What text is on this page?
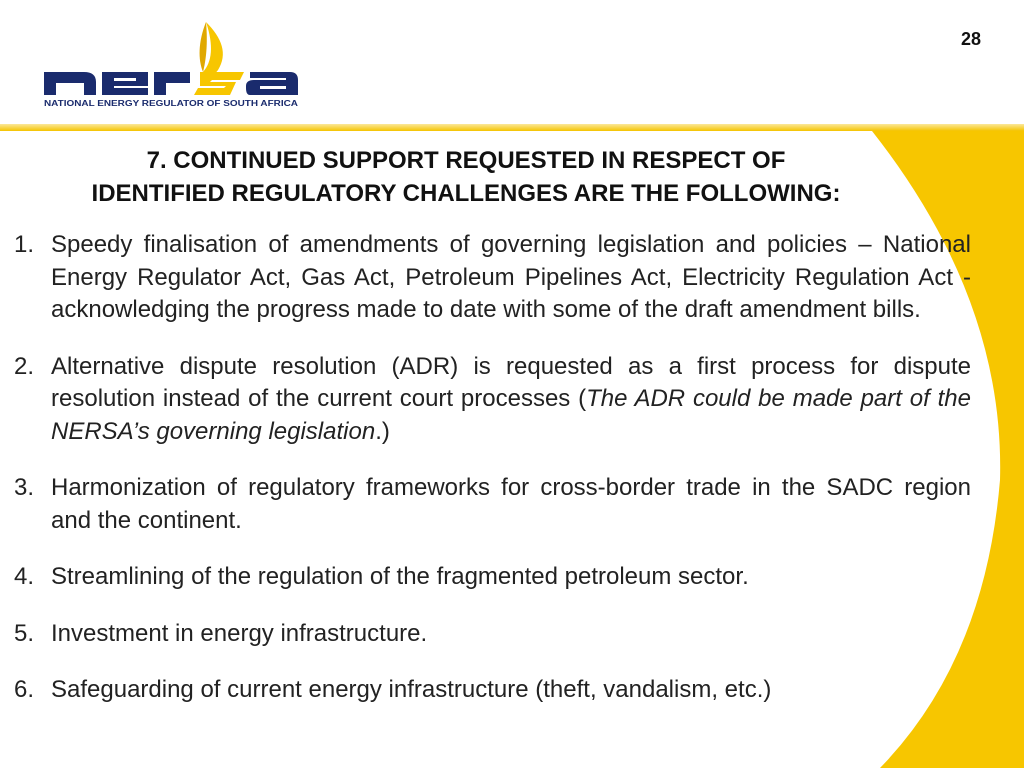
NATIONAL ENERGY REGULATOR OF SOUTH AFRICA
28
7. CONTINUED SUPPORT REQUESTED IN RESPECT OF
IDENTIFIED REGULATORY CHALLENGES ARE THE FOLLOWING:
1. Speedy finalisation of amendments of governing legislation and policies – National Energy Regulator Act, Gas Act, Petroleum Pipelines Act, Electricity Regulation Act - acknowledging the progress made to date with some of the draft amendment bills.
2. Alternative dispute resolution (ADR) is requested as a first process for dispute resolution instead of the current court processes (The ADR could be made part of the NERSA’s governing legislation.)
3. Harmonization of regulatory frameworks for cross-border trade in the SADC region and the continent.
4. Streamlining of the regulation of the fragmented petroleum sector.
5. Investment in energy infrastructure.
6. Safeguarding of current energy infrastructure (theft, vandalism, etc.)
